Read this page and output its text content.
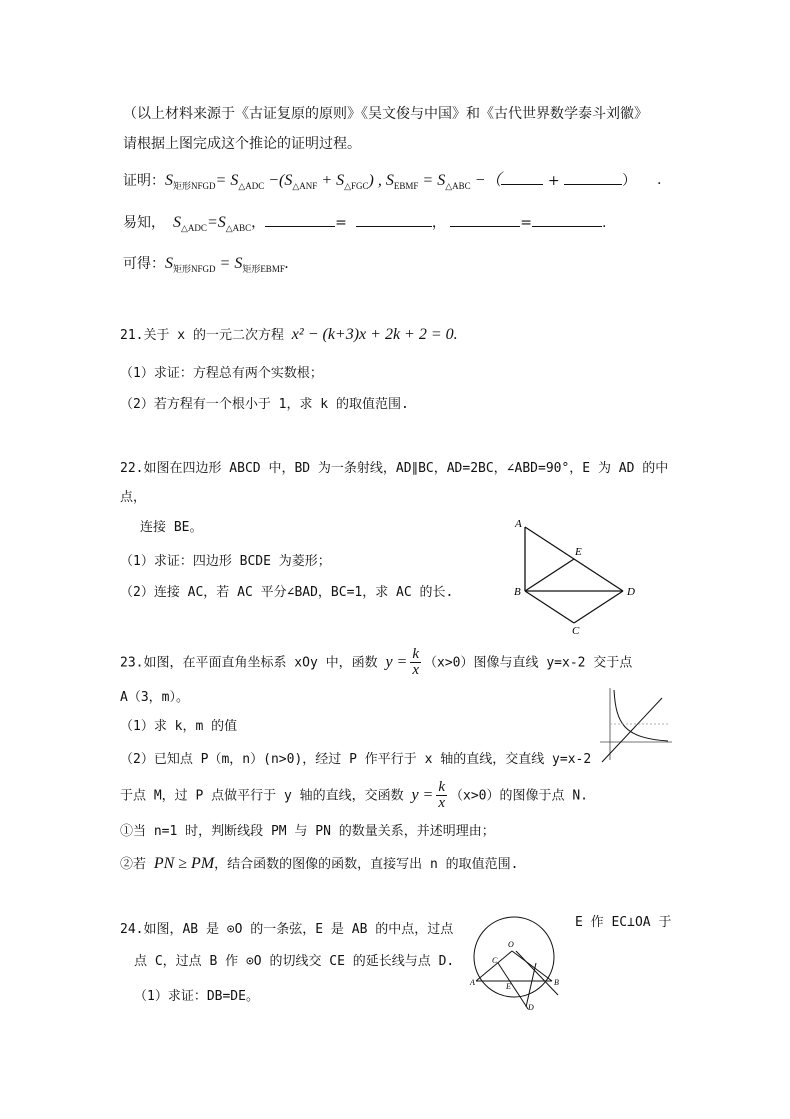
（以上材料来源于《古证复原的原则》《吴文俊与中国》和《古代世界数学泰斗刘徽》
请根据上图完成这个推论的证明过程。
证明：$S_{矩形NFGD}= S_{\triangle ADC} -(S_{\triangle ANF} + S_{\triangle FGC})$ , $S_{EBMF} = S_{\triangle ABC}$ −（	+	） .
易知， $S_{\triangle ADC}=S_{\triangle ABC}$，	=	，	=	.
可得：$S_{矩形NFGD} = S_{矩形EBMF}$.
21.关于 x 的一元二次方程 x² − (k+3)x + 2k + 2 = 0.
（1）求证：方程总有两个实数根；
（2）若方程有一个根小于 1，求 k 的取值范围.
22.如图在四边形 ABCD 中，BD 为一条射线，AD∥BC，AD=2BC，∠ABD=90°，E 为 AD 的中
点，
连接 BE。
（1）求证：四边形 BCDE 为菱形；
（2）连接 AC，若 AC 平分∠BAD，BC=1，求 AC 的长.
A
B
C
D
E
23.如图，在平面直角坐标系 xOy 中，函数 $y = \frac{k}{x} (x>0)$图像与直线 y=x-2 交于点
A（3，m）。
（1）求 k，m 的值
（2）已知点 P（m，n）(n>0)，经过 P 作平行于 x 轴的直线，交直线 y=x-2
于点 M，过 P 点做平行于 y 轴的直线，交函数 $y = \frac{k}{x} (x>0)$的图像于点 N.
①当 n=1 时，判断线段 PM 与 PN 的数量关系，并述明理由；
②若 PN ≥ PM，结合函数的图像的函数，直接写出 n 的取值范围.
24.如图，AB 是 ⊙O 的一条弦，E 是 AB 的中点，过点	E 作 EC⊥OA 于
点 C，过点 B 作 ⊙O 的切线交 CE 的延长线与点 D.
（1）求证：DB=DE。
O
A	B
C
E
D
